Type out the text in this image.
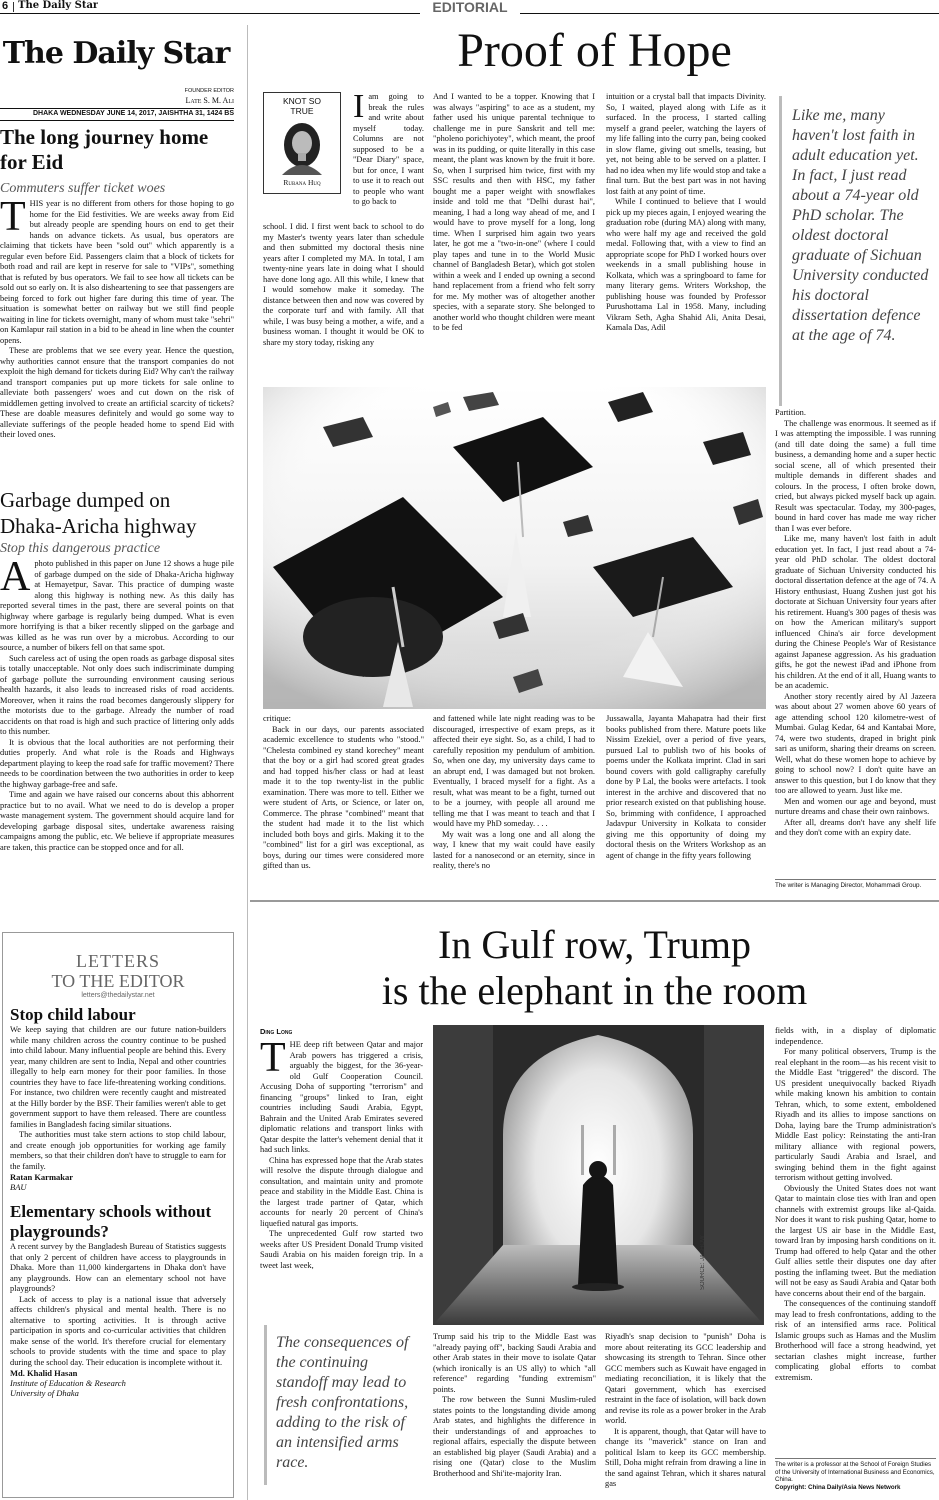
6 The Daily Star	EDITORIAL
The Daily Star
FOUNDER EDITOR
Late S. M. Ali
DHAKA WEDNESDAY JUNE 14, 2017, JAISHTHA 31, 1424 BS
The long journey home for Eid
Commuters suffer ticket woes

THIS year is no different from others for those hoping to go home for the Eid festivities. We are weeks away from Eid but already people are spending hours on end to get their hands on advance tickets. As usual, bus operators are claiming that tickets have been "sold out" which apparently is a regular even before Eid. Passengers claim that a block of tickets for both road and rail are kept in reserve for sale to "VIPs", something that is refuted by bus operators. We fail to see how all tickets can be sold out so early on. It is also disheartening to see that passengers are being forced to fork out higher fare during this time of year. The situation is somewhat better on railway but we still find people waiting in line for tickets overnight, many of whom must take "sehri" on Kamlapur rail station in a bid to be ahead in line when the counter opens.

These are problems that we see every year. Hence the question, why authorities cannot ensure that the transport companies do not exploit the high demand for tickets during Eid? Why can't the railway and transport companies put up more tickets for sale online to alleviate both passengers' woes and cut down on the risk of middlemen getting involved to create an artificial scarcity of tickets? These are doable measures definitely and would go some way to alleviate sufferings of the people headed home to spend Eid with their loved ones.

Garbage dumped on Dhaka-Aricha highway
Stop this dangerous practice

Aphoto published in this paper on June 12 shows a huge pile of garbage dumped on the side of Dhaka-Aricha highway at Hemayetpur, Savar. This practice of dumping waste along this highway is nothing new. As this daily has reported several times in the past, there are several points on that highway where garbage is regularly being dumped. What is even more horrifying is that a biker recently slipped on the garbage and was killed as he was run over by a microbus. According to our source, a number of bikers fell on that same spot.

Such careless act of using the open roads as garbage disposal sites is totally unacceptable. Not only does such indiscriminate dumping of garbage pollute the surrounding environment causing serious health hazards, it also leads to increased risks of road accidents. Moreover, when it rains the road becomes dangerously slippery for the motorists due to the garbage. Already the number of road accidents on that road is high and such practice of littering only adds to this number.

It is obvious that the local authorities are not performing their duties properly. And what role is the Roads and Highways department playing to keep the road safe for traffic movement? There needs to be coordination between the two authorities in order to keep the highway garbage-free and safe.

Time and again we have raised our concerns about this abhorrent practice but to no avail. What we need to do is develop a proper waste management system. The government should acquire land for developing garbage disposal sites, undertake awareness raising campaigns among the public, etc. We believe if appropriate measures are taken, this practice can be stopped once and for all.

LETTERS
TO THE EDITOR
letters@thedailystar.net
Stop child labour

We keep saying that children are our future nation-builders while many children across the country continue to be pushed into child labour. Many influential people are behind this. Every year, many children are sent to India, Nepal and other countries illegally to help earn money for their poor families. In those countries they have to face life-threatening working conditions. For instance, two children were recently caught and mistreated at the Hilly border by the BSF. Their families weren't able to get government support to have them released. There are countless families in Bangladesh facing similar situations.

The authorities must take stern actions to stop child labour, and create enough job opportunities for working age family members, so that their children don't have to struggle to earn for the family.

Ratan Karmakar
BAU
Elementary schools without playgrounds?

A recent survey by the Bangladesh Bureau of Statistics suggests that only 2 percent of children have access to playgrounds in Dhaka. More than 11,000 kindergartens in Dhaka don't have any playgrounds. How can an elementary school not have playgrounds?

Lack of access to play is a national issue that adversely affects children's physical and mental health. There is no alternative to sporting activities. It is through active participation in sports and co-curricular activities that children make sense of the world. It's therefore crucial for elementary schools to provide students with the time and space to play during the school day. Their education is incomplete without it.

Md. Khalid Hasan
Institute of Education & Research
University of Dhaka
Proof of Hope
KNOT SO
TRUE
Rubana Huq

Iam going to break the rules and write about myself today. Columns are not supposed to be a "Dear Diary" space, but for once, I want to use it to reach out to people who want to go back to

school. I did. I first went back to school to do my Master's twenty years later than schedule and then submitted my doctoral thesis nine years after I completed my MA. In total, I am twenty-nine years late in doing what I should have done long ago. All this while, I knew that I would somehow make it someday. The distance between then and now was covered by the corporate turf and with family. All that while, I was busy being a mother, a wife, and a business woman. I thought it would be OK to share my story today, risking any

And I wanted to be a topper. Knowing that I was always "aspiring" to ace as a student, my father used his unique parental technique to challenge me in pure Sanskrit and tell me: "pholeno porichiyotey", which meant, the proof was in its pudding, or quite literally in this case meant, the plant was known by the fruit it bore. So, when I surprised him twice, first with my SSC results and then with HSC, my father bought me a paper weight with snowflakes inside and told me that "Delhi durast hai", meaning, I had a long way ahead of me, and I would have to prove myself for a long, long time. When I surprised him again two years later, he got me a "two-in-one" (where I could play tapes and tune in to the World Music channel of Bangladesh Betar), which got stolen within a week and I ended up owning a second hand replacement from a friend who felt sorry for me. My mother was of altogether another species, with a separate story. She belonged to another world who thought children were meant to be fed

intuition or a crystal ball that impacts Divinity. So, I waited, played along with Life as it surfaced. In the process, I started calling myself a grand peeler, watching the layers of my life falling into the curry pan, being cooked in slow flame, giving out smells, teasing, but yet, not being able to be served on a platter. I had no idea when my life would stop and take a final turn. But the best part was in not having lost faith at any point of time.

While I continued to believe that I would pick up my pieces again, I enjoyed wearing the graduation robe (during MA) along with many, who were half my age and received the gold medal. Following that, with a view to find an appropriate scope for PhD I worked hours over weekends in a small publishing house in Kolkata, which was a springboard to fame for many literary gems. Writers Workshop, the publishing house was founded by Professor Purushottama Lal in 1958. Many, including Vikram Seth, Agha Shahid Ali, Anita Desai, Kamala Das, Adil

Like me, many haven't lost faith in adult education yet. In fact, I just read about a 74-year old PhD scholar. The oldest doctoral graduate of Sichuan University conducted his doctoral dissertation defence at the age of 74.

critique:

Back in our days, our parents associated academic excellence to students who "stood." "Chelesta combined ey stand korechey" meant that the boy or a girl had scored great grades and had topped his/her class or had at least made it to the top twenty-list in the public examination. There was more to tell. Either we were student of Arts, or Science, or later on, Commerce. The phrase "combined" meant that the student had made it to the list which included both boys and girls. Making it to the "combined" list for a girl was exceptional, as boys, during our times were considered more gifted than us.

and fattened while late night reading was to be discouraged, irrespective of exam preps, as it affected their eye sight. So, as a child, I had to carefully reposition my pendulum of ambition. So, when one day, my university days came to an abrupt end, I was damaged but not broken. Eventually, I braced myself for a fight. As a result, what was meant to be a fight, turned out to be a journey, with people all around me telling me that I was meant to teach and that I would have my PhD someday. . . .

My wait was a long one and all along the way, I knew that my wait could have easily lasted for a nanosecond or an eternity, since in reality, there's no

Jussawalla, Jayanta Mahapatra had their first books published from there. Mature poets like Nissim Ezekiel, over a period of five years, pursued Lal to publish two of his books of poems under the Kolkata imprint. Clad in sari bound covers with gold calligraphy carefully done by P Lal, the books were artefacts. I took interest in the archive and discovered that no prior research existed on that publishing house. So, brimming with confidence, I approached Jadavpur University in Kolkata to consider giving me this opportunity of doing my doctoral thesis on the Writers Workshop as an agent of change in the fifty years following

Partition.

The challenge was enormous. It seemed as if I was attempting the impossible. I was running (and till date doing the same) a full time business, a demanding home and a super hectic social scene, all of which presented their multiple demands in different shades and colours. In the process, I often broke down, cried, but always picked myself back up again. Result was spectacular. Today, my 300-pages, bound in hard cover has made me way richer than I was ever before.

Like me, many haven't lost faith in adult education yet. In fact, I just read about a 74-year old PhD scholar. The oldest doctoral graduate of Sichuan University conducted his doctoral dissertation defence at the age of 74. A History enthusiast, Huang Zushen just got his doctorate at Sichuan University four years after his retirement. Huang's 300 pages of thesis was on how the American military's support influenced China's air force development during the Chinese People's War of Resistance against Japanese aggression. As his graduation gifts, he got the newest iPad and iPhone from his children. At the end of it all, Huang wants to be an academic.

Another story recently aired by Al Jazeera was about about 27 women above 60 years of age attending school 120 kilometre-west of Mumbai. Gulag Kedar, 64 and Kantabai More, 74, were two students, draped in bright pink sari as uniform, sharing their dreams on screen. Well, what do these women hope to achieve by going to school now? I don't quite have an answer to this question, but I do know that they too are allowed to yearn. Just like me.

Men and women our age and beyond, must nurture dreams and chase their own rainbows.

After all, dreams don't have any shelf life and they don't come with an expiry date.

The writer is Managing Director, Mohammadi Group.
In Gulf row, Trump
is the elephant in the room
Ding Long

THE deep rift between Qatar and major Arab powers has triggered a crisis, arguably the biggest, for the 36-year-old Gulf Cooperation Council. Accusing Doha of supporting "terrorism" and financing "groups" linked to Iran, eight countries including Saudi Arabia, Egypt, Bahrain and the United Arab Emirates severed diplomatic relations and transport links with Qatar despite the latter's vehement denial that it had such links.

China has expressed hope that the Arab states will resolve the dispute through dialogue and consultation, and maintain unity and promote peace and stability in the Middle East. China is the largest trade partner of Qatar, which accounts for nearly 20 percent of China's liquefied natural gas imports.

The unprecedented Gulf row started two weeks after US President Donald Trump visited Saudi Arabia on his maiden foreign trip. In a tweet last week,

The consequences of the continuing standoff may lead to fresh confrontations, adding to the risk of an intensified arms race.
SOURCE: JASHOW

Trump said his trip to the Middle East was "already paying off", backing Saudi Arabia and other Arab states in their move to isolate Qatar (which ironically is an US ally) to which "all reference" regarding "funding extremism" points.

The row between the Sunni Muslim-ruled states points to the longstanding divide among Arab states, and highlights the difference in their understandings of and approaches to regional affairs, especially the dispute between an established big player (Saudi Arabia) and a rising one (Qatar) close to the Muslim Brotherhood and Shi'ite-majority Iran.

Riyadh's snap decision to "punish" Doha is more about reiterating its GCC leadership and showcasing its strength to Tehran. Since other GCC members such as Kuwait have engaged in mediating reconciliation, it is likely that the Qatari government, which has exercised restraint in the face of isolation, will back down and revise its role as a power broker in the Arab world.

It is apparent, though, that Qatar will have to change its "maverick" stance on Iran and political Islam to keep its GCC membership. Still, Doha might refrain from drawing a line in the sand against Tehran, which it shares natural gas

fields with, in a display of diplomatic independence.

For many political observers, Trump is the real elephant in the room—as his recent visit to the Middle East "triggered" the discord. The US president unequivocally backed Riyadh while making known his ambition to contain Tehran, which, to some extent, emboldened Riyadh and its allies to impose sanctions on Doha, laying bare the Trump administration's Middle East policy: Reinstating the anti-Iran military alliance with regional powers, particularly Saudi Arabia and Israel, and swinging behind them in the fight against terrorism without getting involved.

Obviously the United States does not want Qatar to maintain close ties with Iran and open channels with extremist groups like al-Qaida. Nor does it want to risk pushing Qatar, home to the largest US air base in the Middle East, toward Iran by imposing harsh conditions on it. Trump had offered to help Qatar and the other Gulf allies settle their disputes one day after posting the inflaming tweet. But the mediation will not be easy as Saudi Arabia and Qatar both have concerns about their end of the bargain.

The consequences of the continuing standoff may lead to fresh confrontations, adding to the risk of an intensified arms race. Political Islamic groups such as Hamas and the Muslim Brotherhood will face a strong headwind, yet sectarian clashes might increase, further complicating global efforts to combat extremism.

The writer is a professor at the School of Foreign Studies of the University of International Business and Economics, China.
Copyright: China Daily/Asia News Network
